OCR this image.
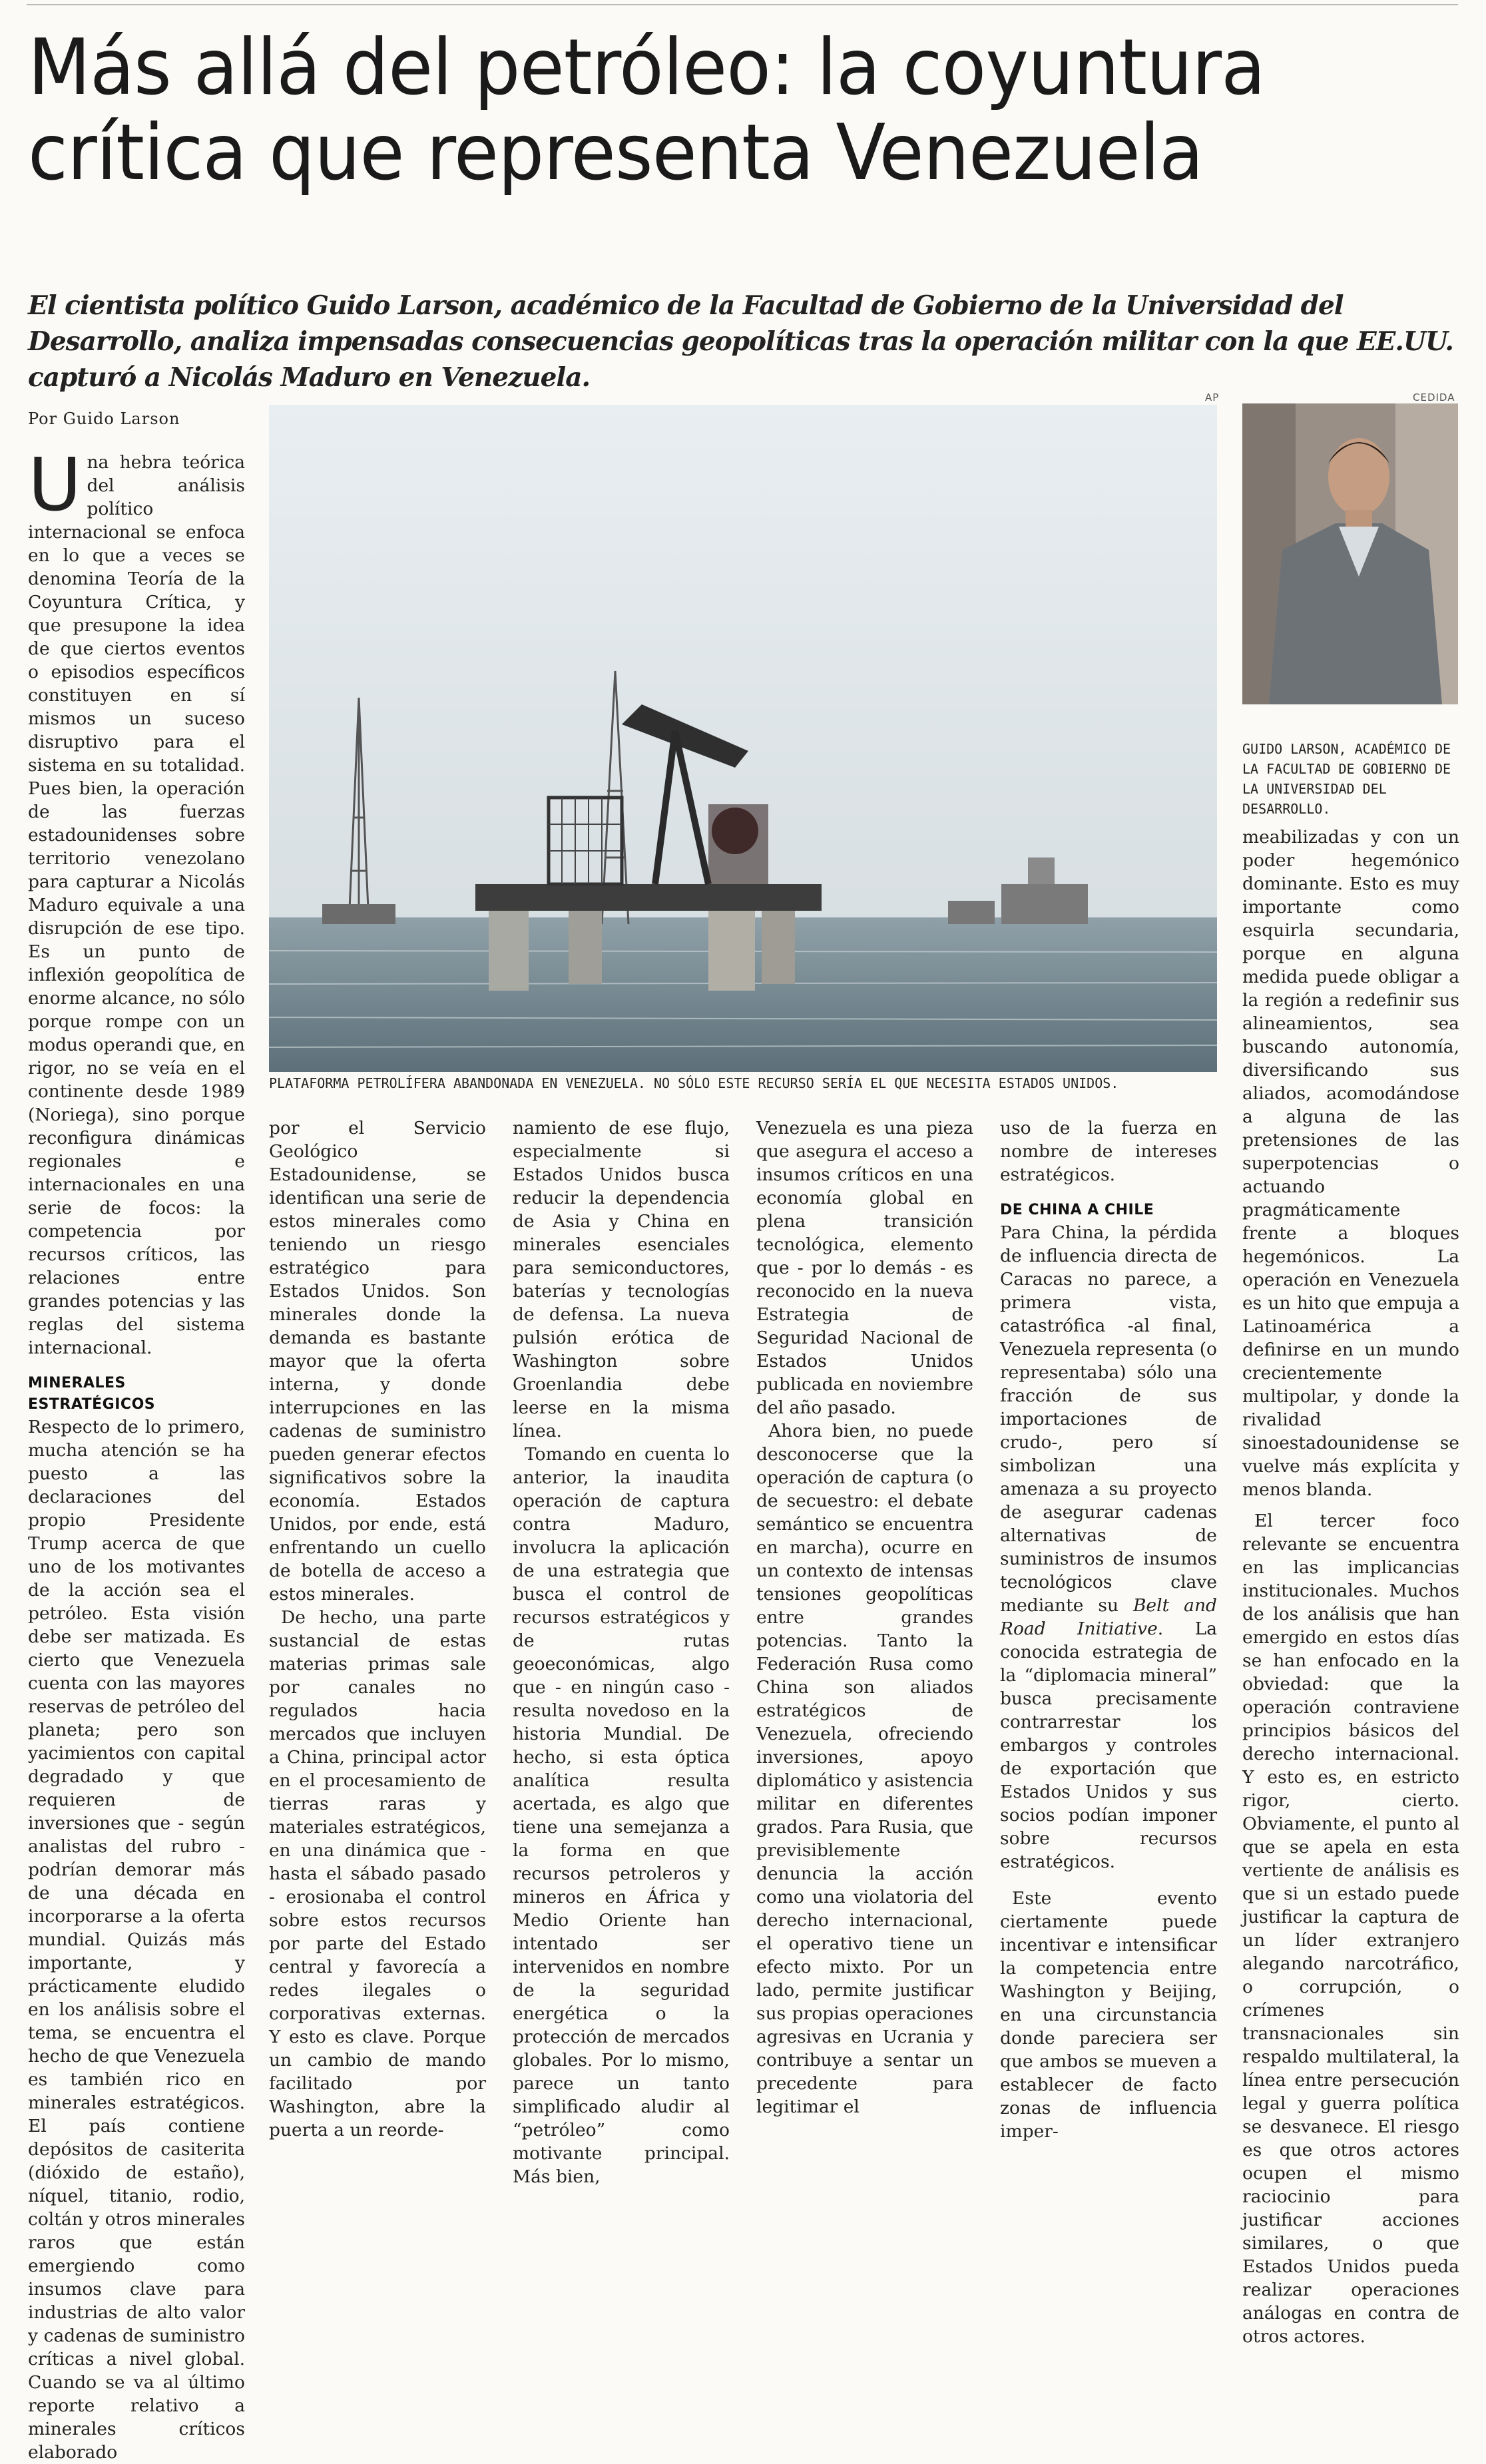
Más allá del petróleo: la coyuntura crítica que representa Venezuela

El cientista político Guido Larson, académico de la Facultad de Gobierno de la Universidad del Desarrollo, analiza impensadas consecuencias geopolíticas tras la operación militar con la que EE.UU. capturó a Nicolás Maduro en Venezuela.

Por Guido Larson

Una hebra teórica del análisis político internacional se enfoca en lo que a veces se denomina Teoría de la Coyuntura Crítica, y que presupone la idea de que ciertos eventos o episodios específicos constituyen en sí mismos un suceso disruptivo para el sistema en su totalidad. Pues bien, la operación de las fuerzas estadounidenses sobre territorio venezolano para capturar a Nicolás Maduro equivale a una disrupción de ese tipo. Es un punto de inflexión geopolítica de enorme alcance, no sólo porque rompe con un modus operandi que, en rigor, no se veía en el continente desde 1989 (Noriega), sino porque reconfigura dinámicas regionales e internacionales en una serie de focos: la competencia por recursos críticos, las relaciones entre grandes potencias y las reglas del sistema internacional.

MINERALES ESTRATÉGICOS

Respecto de lo primero, mucha atención se ha puesto a las declaraciones del propio Presidente Trump acerca de que uno de los motivantes de la acción sea el petróleo. Esta visión debe ser matizada. Es cierto que Venezuela cuenta con las mayores reservas de petróleo del planeta; pero son yacimientos con capital degradado y que requieren de inversiones que - según analistas del rubro - podrían demorar más de una década en incorporarse a la oferta mundial. Quizás más importante, y prácticamente eludido en los análisis sobre el tema, se encuentra el hecho de que Venezuela es también rico en minerales estratégicos. El país contiene depósitos de casiterita (dióxido de estaño), níquel, titanio, rodio, coltán y otros minerales raros que están emergiendo como insumos clave para industrias de alto valor y cadenas de suministro críticas a nivel global. Cuando se va al último reporte relativo a minerales críticos elaborado

AP
PLATAFORMA PETROLÍFERA ABANDONADA EN VENEZUELA. NO SÓLO ESTE RECURSO SERÍA EL QUE NECESITA ESTADOS UNIDOS.
CEDIDA
GUIDO LARSON, ACADÉMICO DE LA FACULTAD DE GOBIERNO DE LA UNIVERSIDAD DEL DESARROLLO.

por el Servicio Geológico Estadounidense, se identifican una serie de estos minerales como teniendo un riesgo estratégico para Estados Unidos. Son minerales donde la demanda es bastante mayor que la oferta interna, y donde interrupciones en las cadenas de suministro pueden generar efectos significativos sobre la economía. Estados Unidos, por ende, está enfrentando un cuello de botella de acceso a estos minerales.

De hecho, una parte sustancial de estas materias primas sale por canales no regulados hacia mercados que incluyen a China, principal actor en el procesamiento de tierras raras y materiales estratégicos, en una dinámica que - hasta el sábado pasado - erosionaba el control sobre estos recursos por parte del Estado central y favorecía a redes ilegales o corporativas externas. Y esto es clave. Porque un cambio de mando facilitado por Washington, abre la puerta a un reorde-

namiento de ese flujo, especialmente si Estados Unidos busca reducir la dependencia de Asia y China en minerales esenciales para semiconductores, baterías y tecnologías de defensa. La nueva pulsión erótica de Washington sobre Groenlandia debe leerse en la misma línea.

Tomando en cuenta lo anterior, la inaudita operación de captura contra Maduro, involucra la aplicación de una estrategia que busca el control de recursos estratégicos y de rutas geoeconómicas, algo que - en ningún caso - resulta novedoso en la historia Mundial. De hecho, si esta óptica analítica resulta acertada, es algo que tiene una semejanza a la forma en que recursos petroleros y mineros en África y Medio Oriente han intentado ser intervenidos en nombre de la seguridad energética o la protección de mercados globales. Por lo mismo, parece un tanto simplificado aludir al “petróleo” como motivante principal. Más bien,

Venezuela es una pieza que asegura el acceso a insumos críticos en una economía global en plena transición tecnológica, elemento que - por lo demás - es reconocido en la nueva Estrategia de Seguridad Nacional de Estados Unidos publicada en noviembre del año pasado.

Ahora bien, no puede desconocerse que la operación de captura (o de secuestro: el debate semántico se encuentra en marcha), ocurre en un contexto de intensas tensiones geopolíticas entre grandes potencias. Tanto la Federación Rusa como China son aliados estratégicos de Venezuela, ofreciendo inversiones, apoyo diplomático y asistencia militar en diferentes grados. Para Rusia, que previsiblemente denuncia la acción como una violatoria del derecho internacional, el operativo tiene un efecto mixto. Por un lado, permite justificar sus propias operaciones agresivas en Ucrania y contribuye a sentar un precedente para legitimar el

uso de la fuerza en nombre de intereses estratégicos.

DE CHINA A CHILE

Para China, la pérdida de influencia directa de Caracas no parece, a primera vista, catastrófica -al final, Venezuela representa (o representaba) sólo una fracción de sus importaciones de crudo-, pero sí simbolizan una amenaza a su proyecto de asegurar cadenas alternativas de suministros de insumos tecnológicos clave mediante su Belt and Road Initiative. La conocida estrategia de la “diplomacia mineral” busca precisamente contrarrestar los embargos y controles de exportación que Estados Unidos y sus socios podían imponer sobre recursos estratégicos.

Este evento ciertamente puede incentivar e intensificar la competencia entre Washington y Beijing, en una circunstancia donde pareciera ser que ambos se mueven a establecer de facto zonas de influencia imper-

meabilizadas y con un poder hegemónico dominante. Esto es muy importante como esquirla secundaria, porque en alguna medida puede obligar a la región a redefinir sus alineamientos, sea buscando autonomía, diversificando sus aliados, acomodándose a alguna de las pretensiones de las superpotencias o actuando pragmáticamente frente a bloques hegemónicos. La operación en Venezuela es un hito que empuja a Latinoamérica a definirse en un mundo crecientemente multipolar, y donde la rivalidad sinoestadounidense se vuelve más explícita y menos blanda.

El tercer foco relevante se encuentra en las implicancias institucionales. Muchos de los análisis que han emergido en estos días se han enfocado en la obviedad: que la operación contraviene principios básicos del derecho internacional. Y esto es, en estricto rigor, cierto. Obviamente, el punto al que se apela en esta vertiente de análisis es que si un estado puede justificar la captura de un líder extranjero alegando narcotráfico, o corrupción, o crímenes transnacionales sin respaldo multilateral, la línea entre persecución legal y guerra política se desvanece. El riesgo es que otros actores ocupen el mismo raciocinio para justificar acciones similares, o que Estados Unidos pueda realizar operaciones análogas en contra de otros actores.
